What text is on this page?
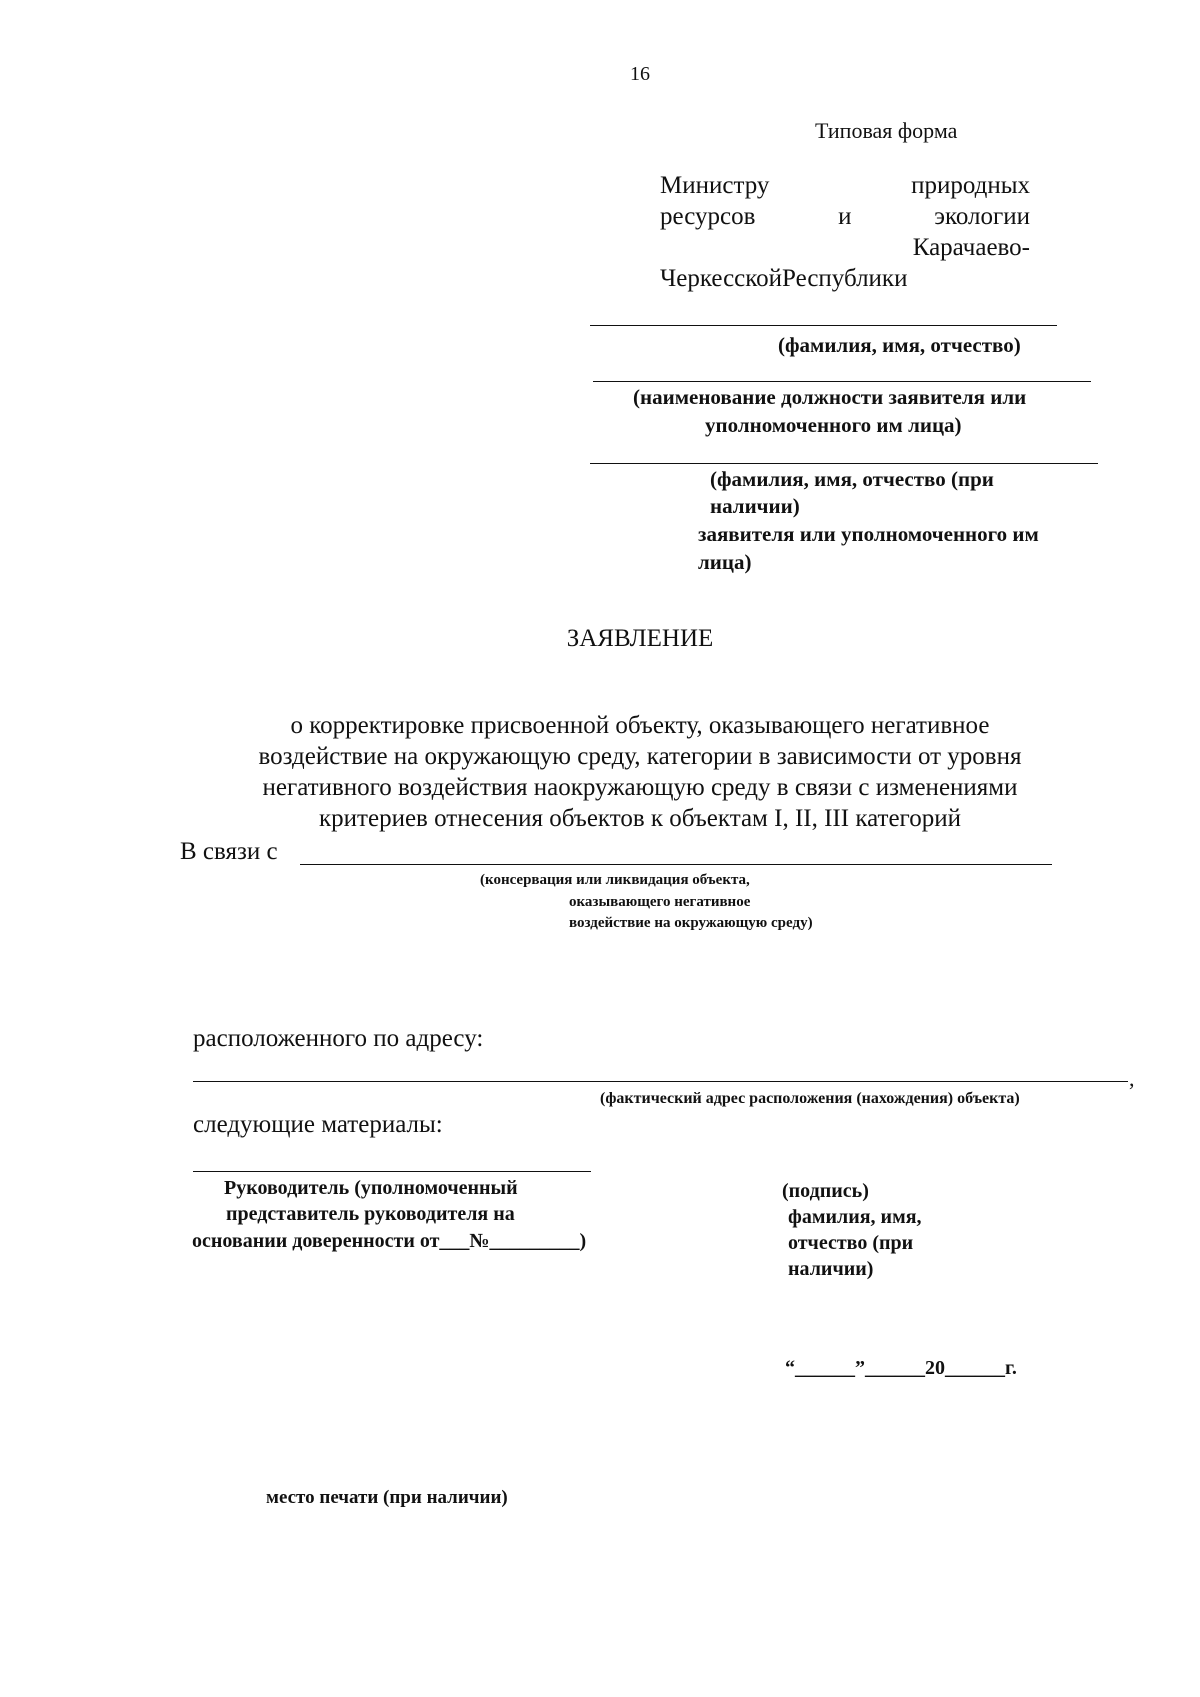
16
Типовая форма
Министру	природных
ресурсов	и	экологии
Карачаево-
ЧеркесскойРеспублики
(фамилия, имя, отчество)
(наименование должности заявителя или
уполномоченного им лица)
(фамилия, имя, отчество (при
наличии)
заявителя или уполномоченного им
лица)
ЗАЯВЛЕНИЕ
о корректировке присвоенной объекту, оказывающего негативное
воздействие на окружающую среду, категории в зависимости от уровня
негативного воздействия наокружающую среду в связи с изменениями
критериев отнесения объектов к объектам I, II, III категорий
В связи с
(консервация или ликвидация объекта,
оказывающего негативное
воздействие на окружающую среду)
расположенного по адресу:
,
(фактический адрес расположения (нахождения) объекта)
следующие материалы:
Руководитель (уполномоченный
представитель руководителя на
основании доверенности от___№_________)
(подпись)
фамилия, имя,
отчество (при
наличии)
“______”______20______г.
место печати (при наличии)
